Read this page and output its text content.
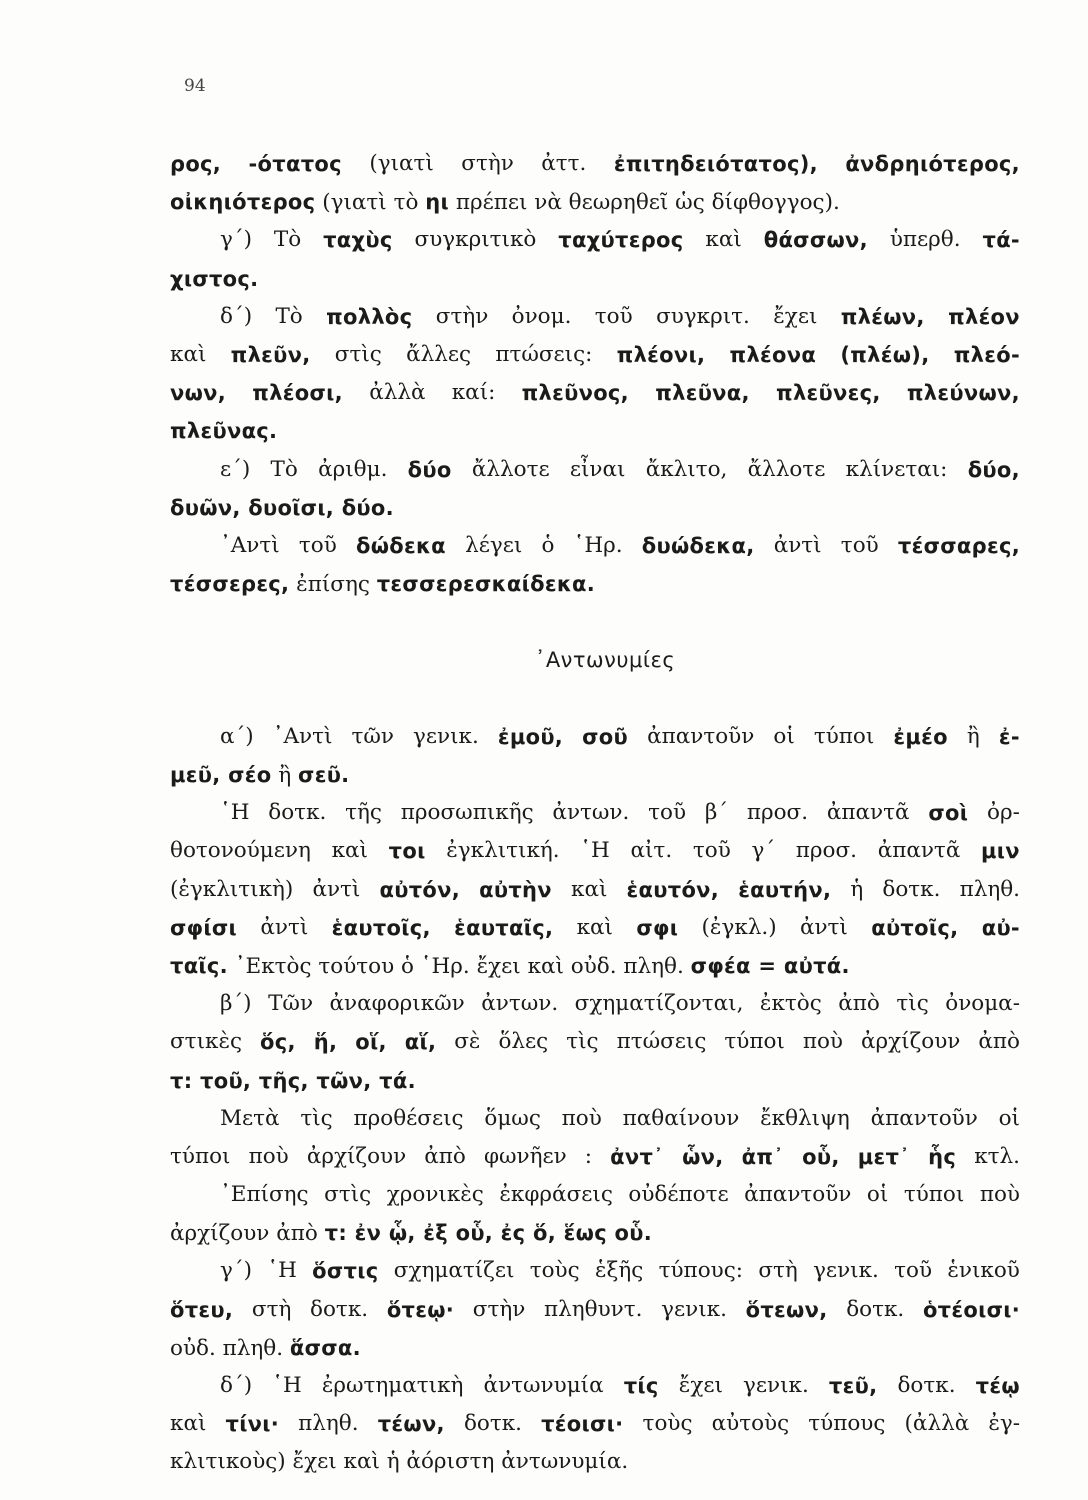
94
ρος, -ότατος (γιατὶ στὴν ἀττ. ἐπιτηδειότατος), ἀνδρηιότερος,
οἰκηιότερος (γιατὶ τὸ ηι πρέπει νὰ θεωρηθεῖ ὡς δίφθογγος).
γ΄) Τὸ ταχὺς συγκριτικὸ ταχύτερος καὶ θάσσων, ὑπερθ. τά-
χιστος.
δ΄) Τὸ πολλὸς στὴν ὀνομ. τοῦ συγκριτ. ἔχει πλέων, πλέον
καὶ πλεῦν, στὶς ἄλλες πτώσεις: πλέονι, πλέονα (πλέω), πλεό-
νων, πλέοσι, ἀλλὰ καί: πλεῦνος, πλεῦνα, πλεῦνες, πλεύνων,
πλεῦνας.
ε΄) Τὸ ἀριθμ. δύο ἄλλοτε εἶναι ἄκλιτο, ἄλλοτε κλίνεται: δύο,
δυῶν, δυοῖσι, δύο.
᾿Αντὶ τοῦ δώδεκα λέγει ὁ ῾Ηρ. δυώδεκα, ἀντὶ τοῦ τέσσαρες,
τέσσερες, ἐπίσης τεσσερεσκαίδεκα.
᾿Αντωνυμίες
α΄) ᾿Αντὶ τῶν γενικ. ἐμοῦ, σοῦ ἀπαντοῦν οἱ τύποι ἐμέο ἢ ἐ-
μεῦ, σέο ἢ σεῦ.
῾Η δοτκ. τῆς προσωπικῆς ἀντων. τοῦ β΄ προσ. ἀπαντᾶ σοὶ ὀρ-
θοτονούμενη καὶ τοι ἐγκλιτική. ῾Η αἰτ. τοῦ γ΄ προσ. ἀπαντᾶ μιν
(ἐγκλιτικὴ) ἀντὶ αὐτόν, αὐτὴν καὶ ἑαυτόν, ἑαυτήν, ἡ δοτκ. πληθ.
σφίσι ἀντὶ ἑαυτοῖς, ἑαυταῖς, καὶ σφι (ἐγκλ.) ἀντὶ αὐτοῖς, αὐ-
ταῖς. ᾿Εκτὸς τούτου ὁ ῾Ηρ. ἔχει καὶ οὐδ. πληθ. σφέα = αὐτά.
β΄) Τῶν ἀναφορικῶν ἀντων. σχηματίζονται, ἐκτὸς ἀπὸ τὶς ὀνομα-
στικὲς ὅς, ἥ, οἵ, αἵ, σὲ ὅλες τὶς πτώσεις τύποι ποὺ ἀρχίζουν ἀπὸ
τ: τοῦ, τῆς, τῶν, τά.
Μετὰ τὶς προθέσεις ὅμως ποὺ παθαίνουν ἔκθλιψη ἀπαντοῦν οἱ
τύποι ποὺ ἀρχίζουν ἀπὸ φωνῆεν : ἀντ᾿ ὧν, ἀπ᾿ οὗ, μετ᾿ ἧς κτλ.
᾿Επίσης στὶς χρονικὲς ἐκφράσεις οὐδέποτε ἀπαντοῦν οἱ τύποι ποὺ
ἀρχίζουν ἀπὸ τ: ἐν ᾧ, ἐξ οὗ, ἐς ὅ, ἕως οὗ.
γ΄) ῾Η ὅστις σχηματίζει τοὺς ἑξῆς τύπους: στὴ γενικ. τοῦ ἑνικοῦ
ὅτευ, στὴ δοτκ. ὅτεῳ· στὴν πληθυντ. γενικ. ὅτεων, δοτκ. ὁτέοισι·
οὐδ. πληθ. ἅσσα.
δ΄) ῾Η ἐρωτηματικὴ ἀντωνυμία τίς ἔχει γενικ. τεῦ, δοτκ. τέῳ
καὶ τίνι· πληθ. τέων, δοτκ. τέοισι· τοὺς αὐτοὺς τύπους (ἀλλὰ ἐγ-
κλιτικοὺς) ἔχει καὶ ἡ ἀόριστη ἀντωνυμία.
